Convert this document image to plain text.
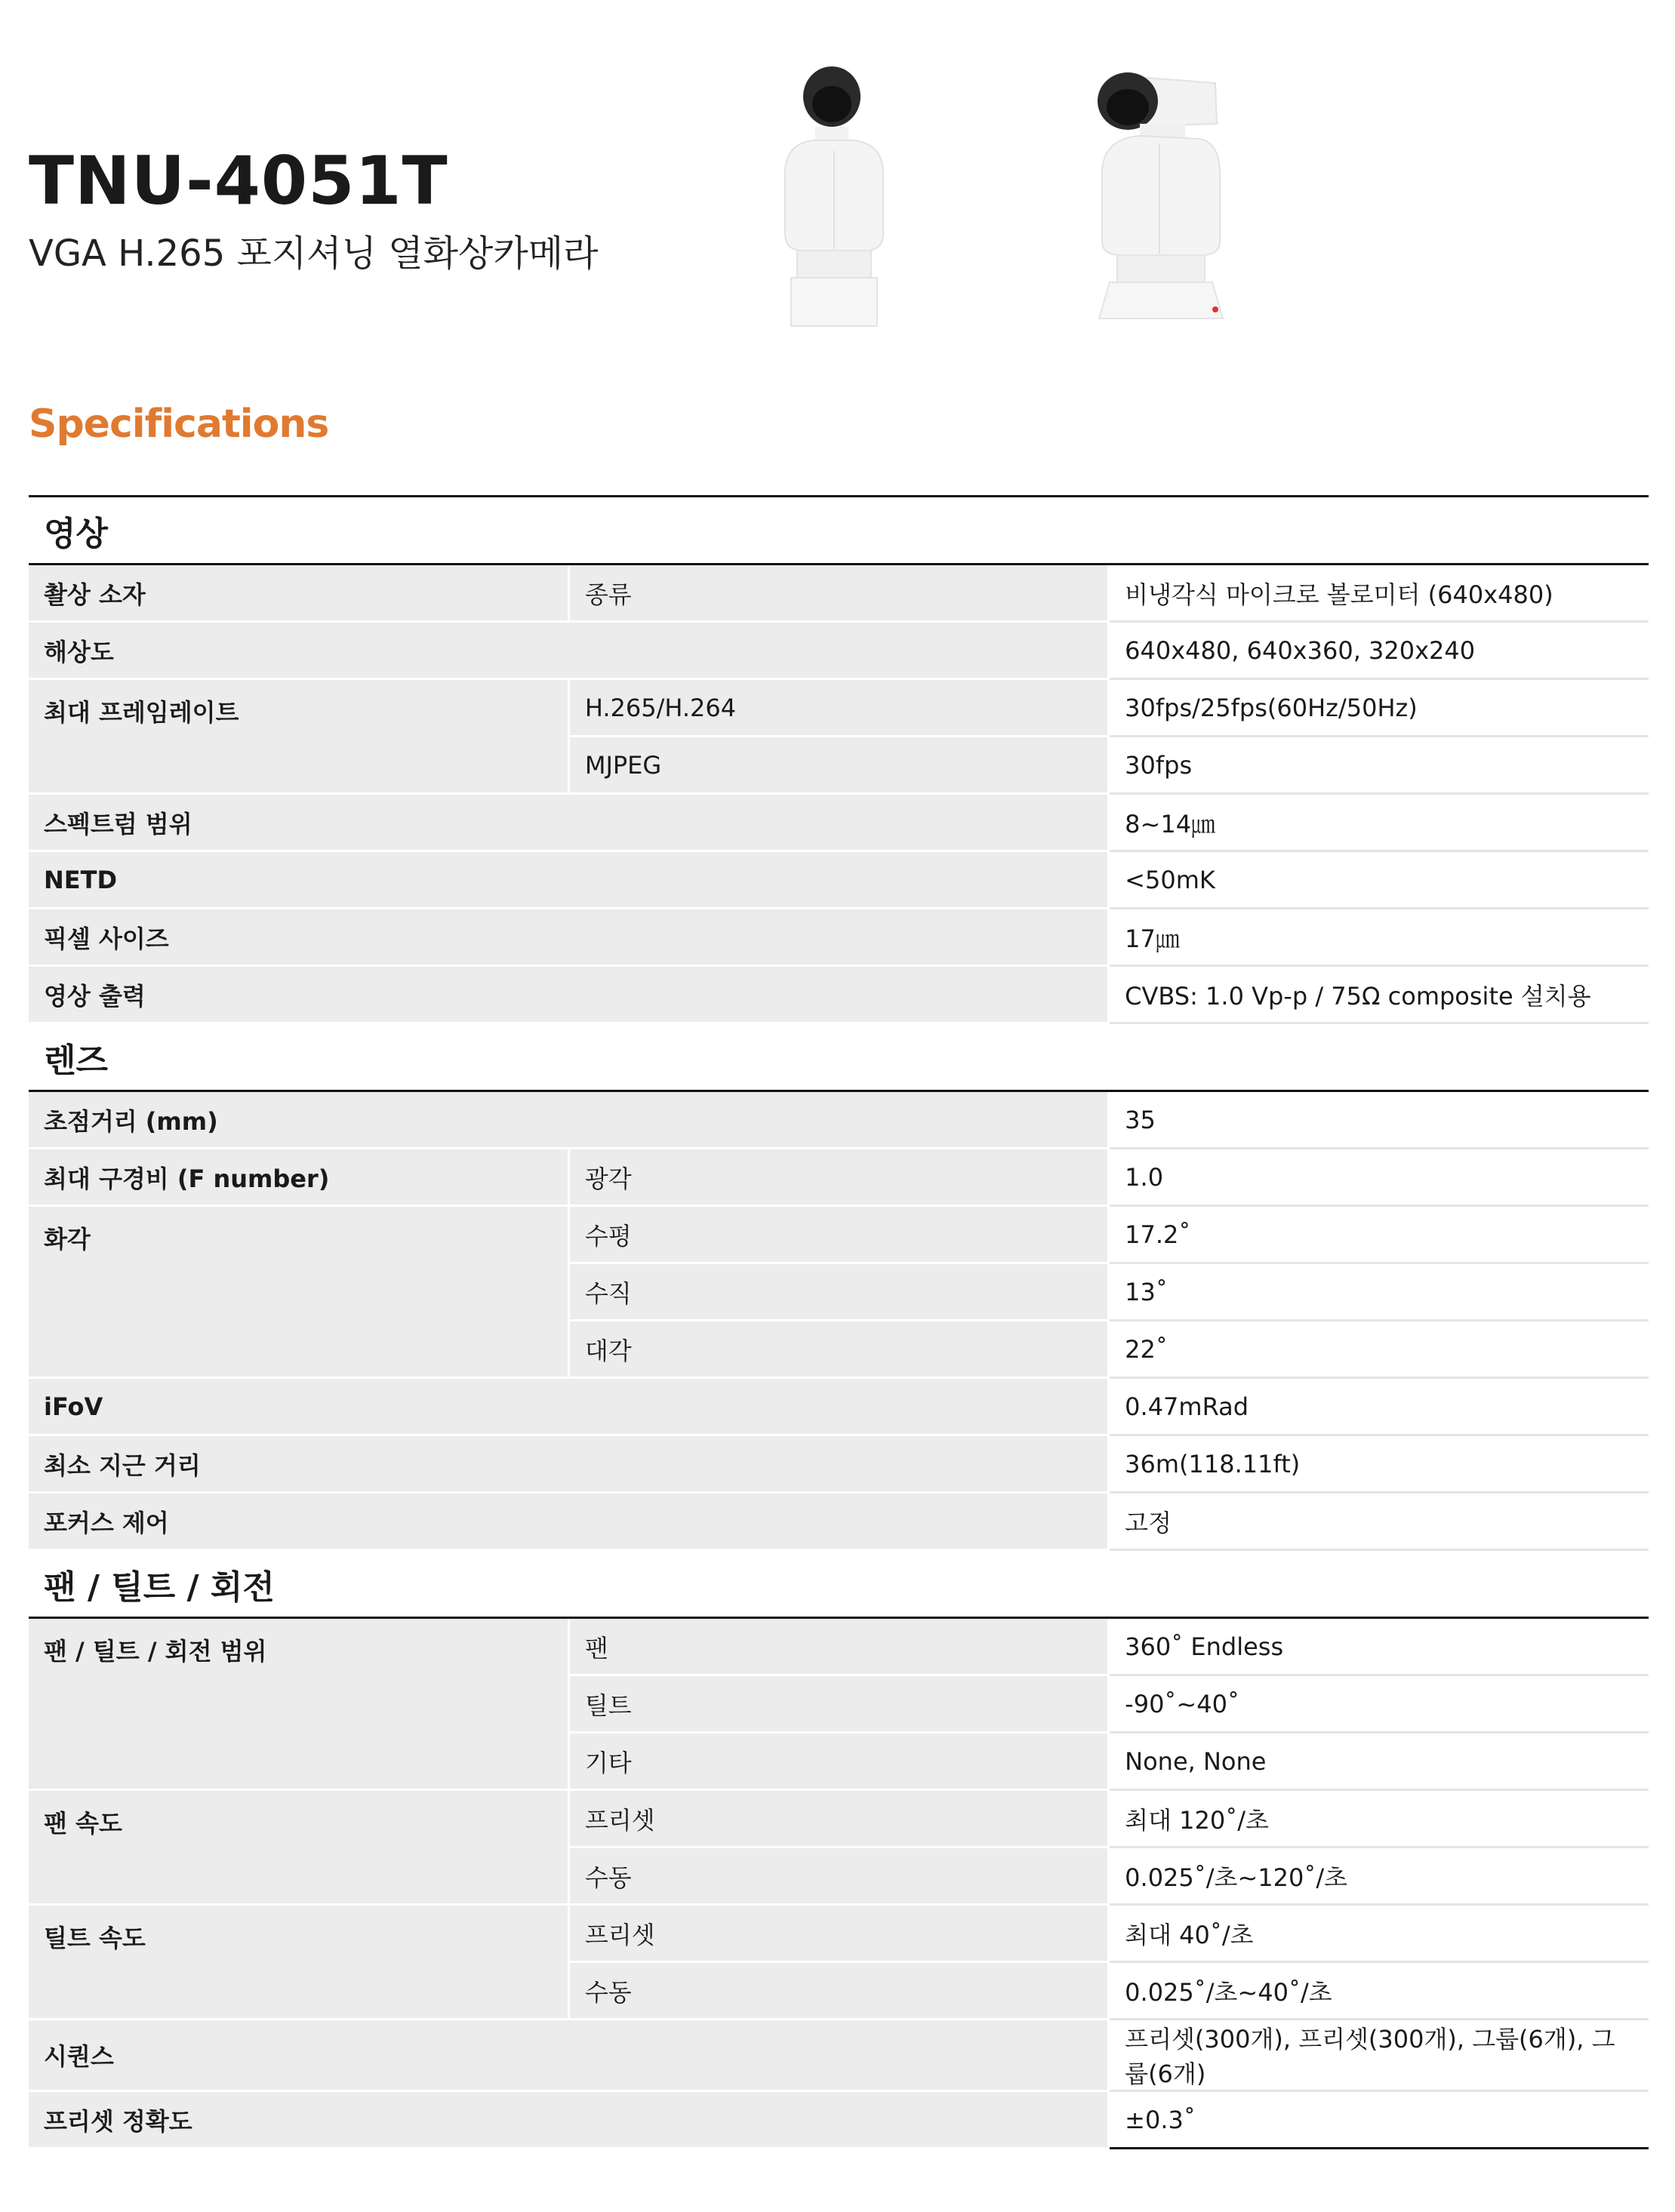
TNU-4051T

VGA H.265 포지셔닝 열화상카메라

Specifications
영상		
촬상 소자	종류	비냉각식 마이크로 볼로미터 (640x480)
해상도		640x480, 640x360, 320x240
최대 프레임레이트	H.265/H.264	30fps/25fps(60Hz/50Hz)
	MJPEG	30fps
스펙트럼 범위		8~14㎛
NETD		<50mK
픽셀 사이즈		17㎛
영상 출력		CVBS: 1.0 Vp-p / 75Ω composite 설치용
렌즈		
초점거리 (mm)		35
최대 구경비 (F number)	광각	1.0
화각	수평	17.2˚
	수직	13˚
	대각	22˚
iFoV		0.47mRad
최소 지근 거리		36m(118.11ft)
포커스 제어		고정
팬 / 틸트 / 회전		
팬 / 틸트 / 회전 범위	팬	360˚ Endless
	틸트	-90˚~40˚
	기타	None, None
팬 속도	프리셋	최대 120˚/초
	수동	0.025˚/초~120˚/초
틸트 속도	프리셋	최대 40˚/초
	수동	0.025˚/초~40˚/초
시퀀스		프리셋(300개), 프리셋(300개), 그룹(6개), 그룹(6개)
프리셋 정확도		±0.3˚
